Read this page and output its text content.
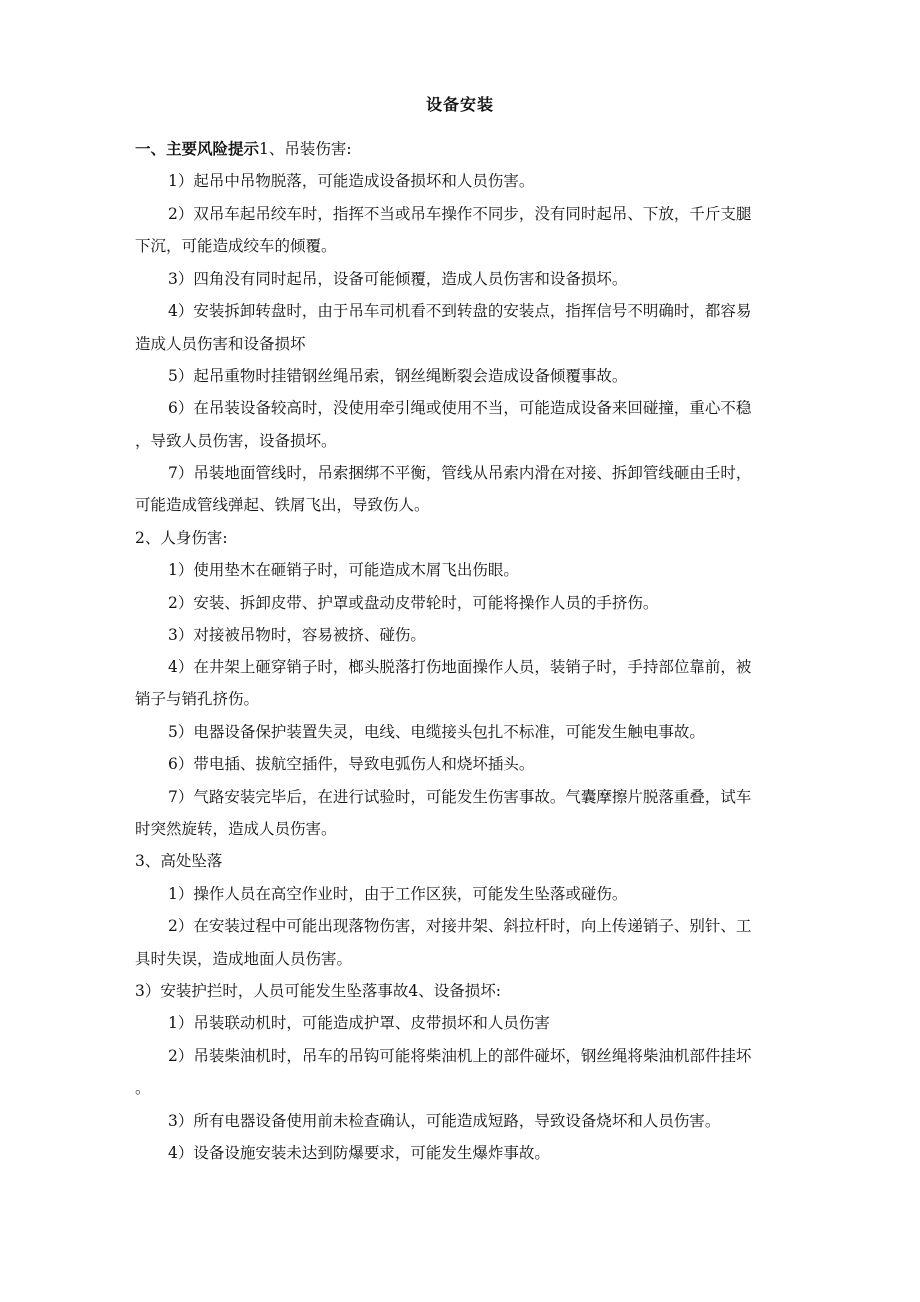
设备安装
一、主要风险提示1、吊装伤害:
1）起吊中吊物脱落，可能造成设备损坏和人员伤害。
2）双吊车起吊绞车时，指挥不当或吊车操作不同步，没有同时起吊、下放，千斤支腿
下沉，可能造成绞车的倾覆。
3）四角没有同时起吊，设备可能倾覆，造成人员伤害和设备损坏。
4）安装拆卸转盘时，由于吊车司机看不到转盘的安装点，指挥信号不明确时，都容易
造成人员伤害和设备损坏
5）起吊重物时挂错钢丝绳吊索，钢丝绳断裂会造成设备倾覆事故。
6）在吊装设备较高时，没使用牵引绳或使用不当，可能造成设备来回碰撞，重心不稳
，导致人员伤害，设备损坏。
7）吊装地面管线时，吊索捆绑不平衡，管线从吊索内滑在对接、拆卸管线砸由壬时，
可能造成管线弹起、铁屑飞出，导致伤人。
2、人身伤害:
1）使用垫木在砸销子时，可能造成木屑飞出伤眼。
2）安装、拆卸皮带、护罩或盘动皮带轮时，可能将操作人员的手挤伤。
3）对接被吊物时，容易被挤、碰伤。
4）在井架上砸穿销子时，榔头脱落打伤地面操作人员，装销子时，手持部位靠前，被
销子与销孔挤伤。
5）电器设备保护装置失灵，电线、电缆接头包扎不标准，可能发生触电事故。
6）带电插、拔航空插件，导致电弧伤人和烧坏插头。
7）气路安装完毕后，在进行试验时，可能发生伤害事故。气囊摩擦片脱落重叠，试车
时突然旋转，造成人员伤害。
3、高处坠落
1）操作人员在高空作业时，由于工作区狭，可能发生坠落或碰伤。
2）在安装过程中可能出现落物伤害，对接井架、斜拉杆时，向上传递销子、别针、工
具时失误，造成地面人员伤害。
3）安装护拦时，人员可能发生坠落事故4、设备损坏:
1）吊装联动机时，可能造成护罩、皮带损坏和人员伤害
2）吊装柴油机时，吊车的吊钩可能将柴油机上的部件碰坏，钢丝绳将柴油机部件挂坏
。
3）所有电器设备使用前未检查确认，可能造成短路，导致设备烧坏和人员伤害。
4）设备设施安装未达到防爆要求，可能发生爆炸事故。
